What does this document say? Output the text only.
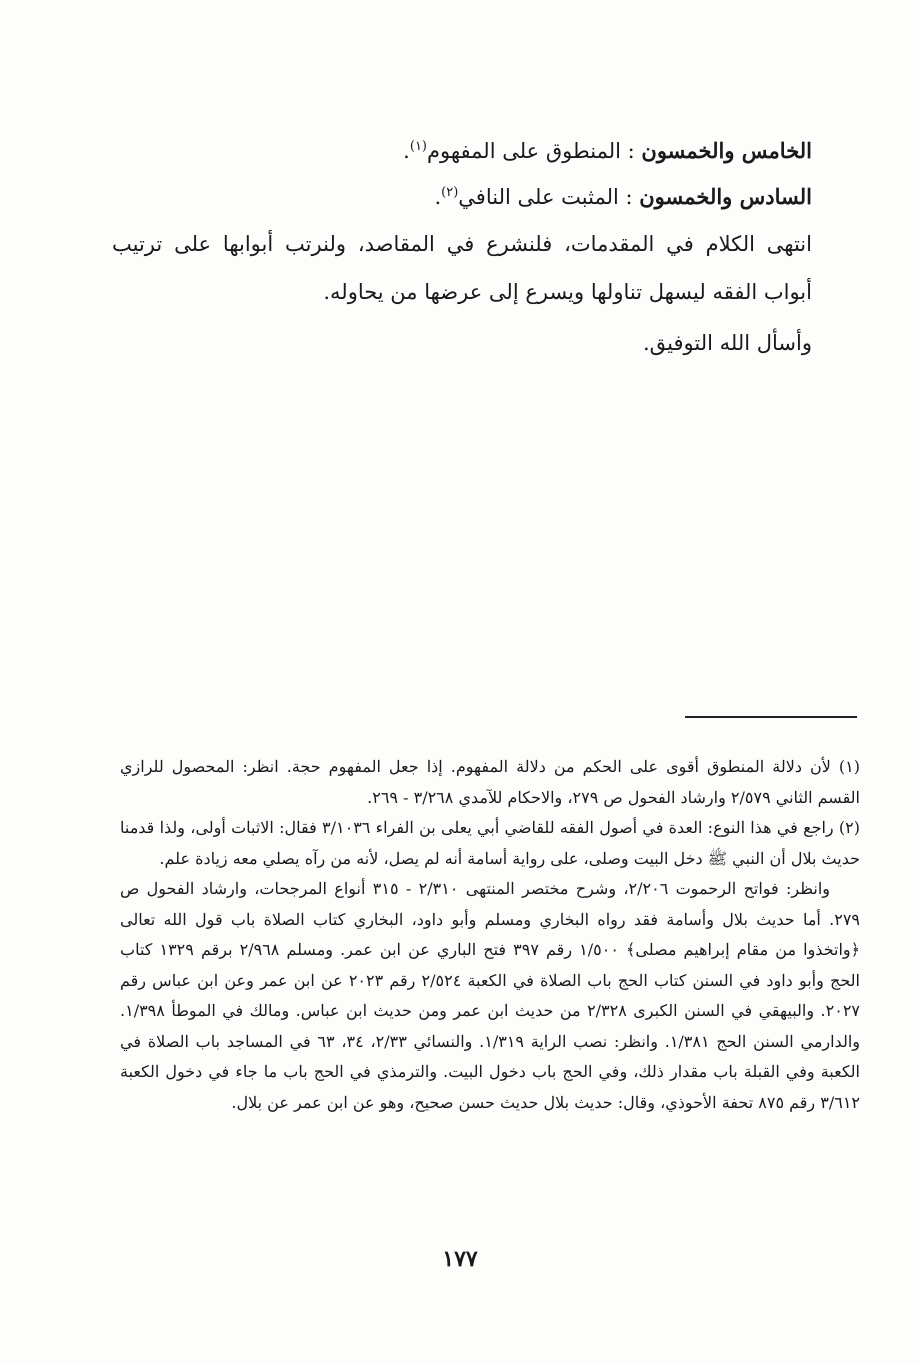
الخامس والخمسون : المنطوق على المفهوم$^{(١)}$.

السادس والخمسون : المثبت على النافي$^{(٢)}$.

انتهى الكلام في المقدمات، فلنشرع في المقاصد، ولنرتب أبوابها على ترتيب أبواب الفقه ليسهل تناولها ويسرع إلى عرضها من يحاوله.

وأسأل الله التوفيق.

(١) لأن دلالة المنطوق أقوى على الحكم من دلالة المفهوم. إذا جعل المفهوم حجة. انظر: المحصول للرازي القسم الثاني ٢/٥٧٩ وارشاد الفحول ص ٢٧٩، والاحكام للآمدي ٣/٢٦٨ - ٢٦٩.

(٢) راجع في هذا النوع: العدة في أصول الفقه للقاضي أبي يعلى بن الفراء ٣/١٠٣٦ فقال: الاثبات أولى، ولذا قدمنا حديث بلال أن النبي ﷺ دخل البيت وصلى، على رواية أسامة أنه لم يصل، لأنه من رآه يصلي معه زيادة علم.

وانظر: فواتح الرحموت ٢/٢٠٦، وشرح مختصر المنتهى ٢/٣١٠ - ٣١٥ أنواع المرجحات، وارشاد الفحول ص ٢٧٩. أما حديث بلال وأسامة فقد رواه البخاري ومسلم وأبو داود، البخاري كتاب الصلاة باب قول الله تعالى ﴿واتخذوا من مقام إبراهيم مصلى﴾ ١/٥٠٠ رقم ٣٩٧ فتح الباري عن ابن عمر. ومسلم ٢/٩٦٨ برقم ١٣٢٩ كتاب الحج وأبو داود في السنن كتاب الحج باب الصلاة في الكعبة ٢/٥٢٤ رقم ٢٠٢٣ عن ابن عمر وعن ابن عباس رقم ٢٠٢٧. والبيهقي في السنن الكبرى ٢/٣٢٨ من حديث ابن عمر ومن حديث ابن عباس. ومالك في الموطأ ١/٣٩٨. والدارمي السنن الحج ١/٣٨١. وانظر: نصب الراية ١/٣١٩. والنسائي ٢/٣٣، ٣٤، ٦٣ في المساجد باب الصلاة في الكعبة وفي القبلة باب مقدار ذلك، وفي الحج باب دخول البيت. والترمذي في الحج باب ما جاء في دخول الكعبة ٣/٦١٢ رقم ٨٧٥ تحفة الأحوذي، وقال: حديث بلال حديث حسن صحيح، وهو عن ابن عمر عن بلال.

١٧٧
